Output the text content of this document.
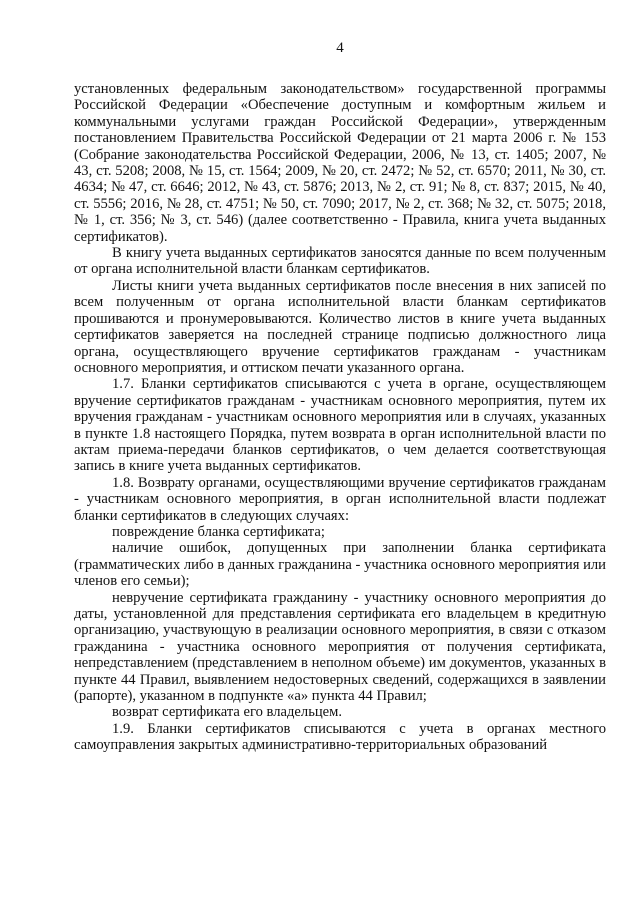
4

установленных федеральным законодательством» государственной программы Российской Федерации «Обеспечение доступным и комфортным жильем и коммунальными услугами граждан Российской Федерации», утвержденным постановлением Правительства Российской Федерации от 21 марта 2006 г. № 153 (Собрание законодательства Российской Федерации, 2006, № 13, ст. 1405; 2007, № 43, ст. 5208; 2008, № 15, ст. 1564; 2009, № 20, ст. 2472; № 52, ст. 6570; 2011, № 30, ст. 4634; № 47, ст. 6646; 2012, № 43, ст. 5876; 2013, № 2, ст. 91; № 8, ст. 837; 2015, № 40, ст. 5556; 2016, № 28, ст. 4751; № 50, ст. 7090; 2017, № 2, ст. 368; № 32, ст. 5075; 2018, № 1, ст. 356; № 3, ст. 546) (далее соответственно - Правила, книга учета выданных сертификатов).

В книгу учета выданных сертификатов заносятся данные по всем полученным от органа исполнительной власти бланкам сертификатов.

Листы книги учета выданных сертификатов после внесения в них записей по всем полученным от органа исполнительной власти бланкам сертификатов прошиваются и пронумеровываются. Количество листов в книге учета выданных сертификатов заверяется на последней странице подписью должностного лица органа, осуществляющего вручение сертификатов гражданам - участникам основного мероприятия, и оттиском печати указанного органа.

1.7. Бланки сертификатов списываются с учета в органе, осуществляющем вручение сертификатов гражданам - участникам основного мероприятия, путем их вручения гражданам - участникам основного мероприятия или в случаях, указанных в пункте 1.8 настоящего Порядка, путем возврата в орган исполнительной власти по актам приема-передачи бланков сертификатов, о чем делается соответствующая запись в книге учета выданных сертификатов.

1.8. Возврату органами, осуществляющими вручение сертификатов гражданам - участникам основного мероприятия, в орган исполнительной власти подлежат бланки сертификатов в следующих случаях:

повреждение бланка сертификата;

наличие ошибок, допущенных при заполнении бланка сертификата (грамматических либо в данных гражданина - участника основного мероприятия или членов его семьи);

невручение сертификата гражданину - участнику основного мероприятия до даты, установленной для представления сертификата его владельцем в кредитную организацию, участвующую в реализации основного мероприятия, в связи с отказом гражданина - участника основного мероприятия от получения сертификата, непредставлением (представлением в неполном объеме) им документов, указанных в пункте 44 Правил, выявлением недостоверных сведений, содержащихся в заявлении (рапорте), указанном в подпункте «а» пункта 44 Правил;

возврат сертификата его владельцем.

1.9. Бланки сертификатов списываются с учета в органах местного самоуправления закрытых административно-территориальных образований
